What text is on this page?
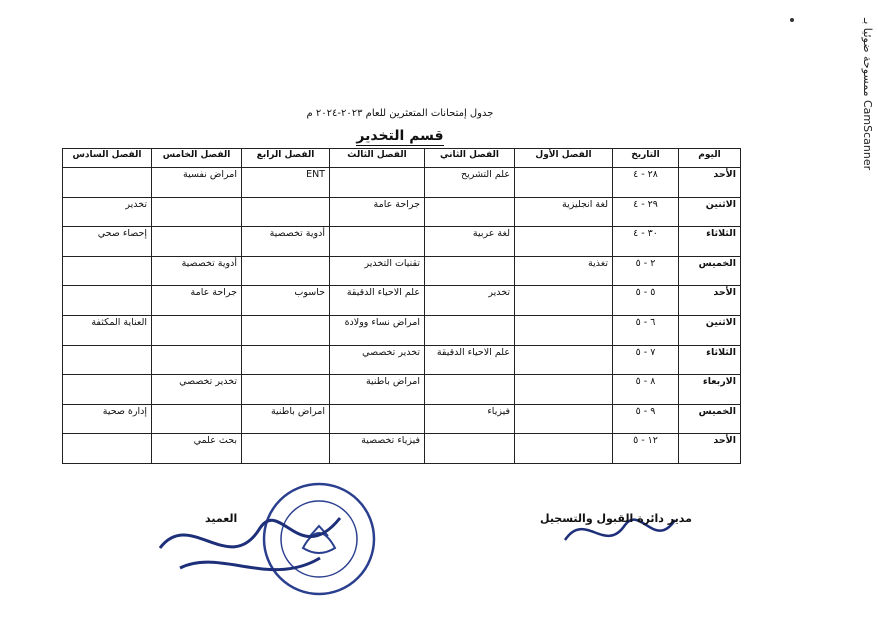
ممسوحة ضوئيا بـ CamScanner
جدول إمتحانات المتعثرين للعام ٢٠٢٣-٢٠٢٤ م
قسم التخدير
اليوم	التاريخ	الفصل الأول	الفصل الثاني	الفصل الثالث	الفصل الرابع	الفصل الخامس	الفصل السادس
الأحد	٢٨ - ٤		علم التشريح		ENT	امراض نفسية	
الاثنين	٢٩ - ٤	لغة انجليزية		جراحة عامة			تخدير
الثلاثاء	٣٠ - ٤		لغة عربية		أدوية تخصصية		إحصاء صحي
الخميس	٢ - ٥	تغذية		تقنيات التخدير		أدوية تخصصية	
الأحد	٥ - ٥		تخدير	علم الاحياء الدقيقة	حاسوب	جراحة عامة	
الاثنين	٦ - ٥			امراض نساء وولادة			العناية المكثفة
الثلاثاء	٧ - ٥		علم الاحياء الدقيقة	تخدير تخصصي			
الاربعاء	٨ - ٥			امراض باطنية		تخدير تخصصي	
الخميس	٩ - ٥		فيزياء		امراض باطنية		إدارة صحية
الأحد	١٢ - ٥			فيزياء تخصصية		بحث علمي	
العميد	مدير دائرة القبول والتسجيل
